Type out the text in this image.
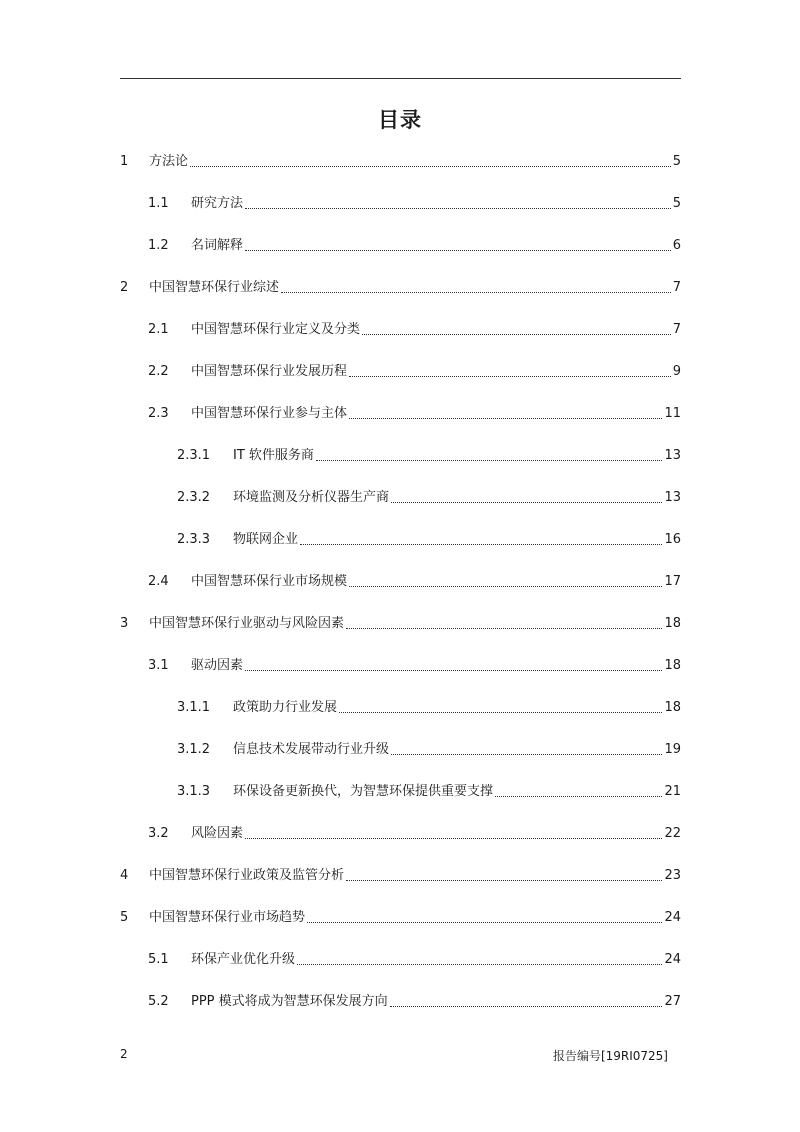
目录
1	方法论	5
1.1	研究方法	5
1.2	名词解释	6
2	中国智慧环保行业综述	7
2.1	中国智慧环保行业定义及分类	7
2.2	中国智慧环保行业发展历程	9
2.3	中国智慧环保行业参与主体	11
2.3.1	IT 软件服务商	13
2.3.2	环境监测及分析仪器生产商	13
2.3.3	物联网企业	16
2.4	中国智慧环保行业市场规模	17
3	中国智慧环保行业驱动与风险因素	18
3.1	驱动因素	18
3.1.1	政策助力行业发展	18
3.1.2	信息技术发展带动行业升级	19
3.1.3	环保设备更新换代，为智慧环保提供重要支撑	21
3.2	风险因素	22
4	中国智慧环保行业政策及监管分析	23
5	中国智慧环保行业市场趋势	24
5.1	环保产业优化升级	24
5.2	PPP 模式将成为智慧环保发展方向	27
2	报告编号[19RI0725]
